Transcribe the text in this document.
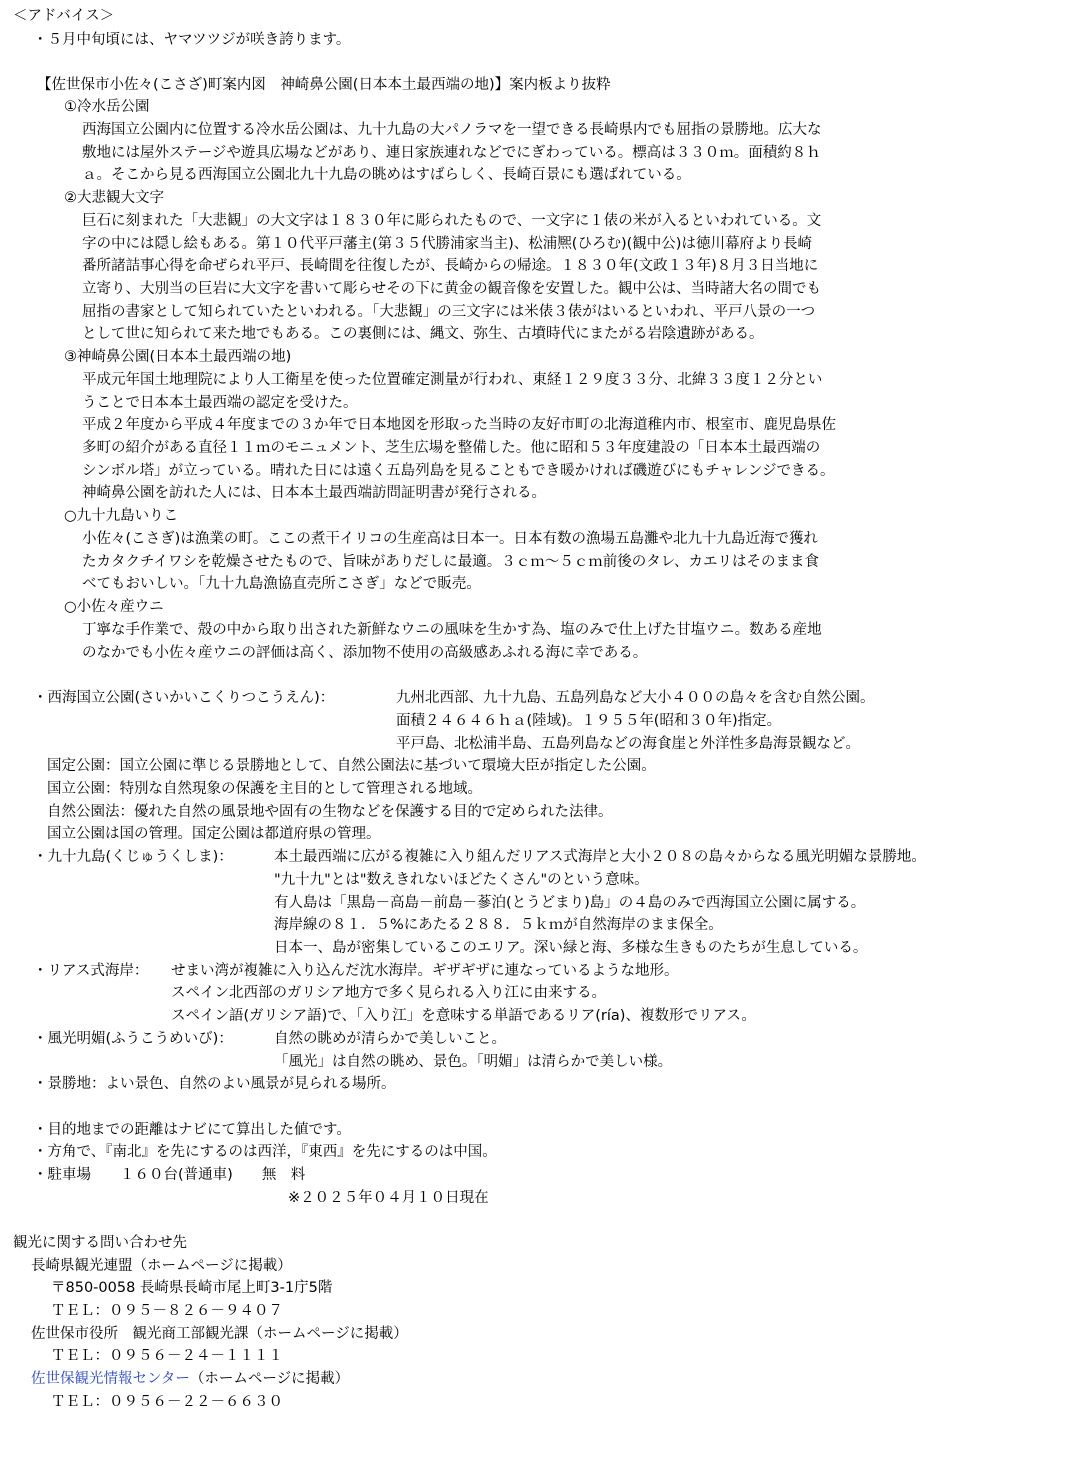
＜アドバイス＞
・５月中旬頃には、ヤマツツジが咲き誇ります。
【佐世保市小佐々(こさざ)町案内図　神崎鼻公園(日本本土最西端の地)】案内板より抜粋
①冷水岳公園
西海国立公園内に位置する冷水岳公園は、九十九島の大パノラマを一望できる長崎県内でも屈指の景勝地。広大な
敷地には屋外ステージや遊具広場などがあり、連日家族連れなどでにぎわっている。標高は３３０ｍ。面積約８ｈ
ａ。そこから見る西海国立公園北九十九島の眺めはすばらしく、長崎百景にも選ばれている。
②大悲観大文字
巨石に刻まれた「大悲観」の大文字は１８３０年に彫られたもので、一文字に１俵の米が入るといわれている。文
字の中には隠し絵もある。第１０代平戸藩主(第３５代勝浦家当主)、松浦熈(ひろむ)(観中公)は徳川幕府より長崎
番所諸詰事心得を命ぜられ平戸、長崎間を往復したが、長崎からの帰途。１８３０年(文政１３年)８月３日当地に
立寄り、大別当の巨岩に大文字を書いて彫らせその下に黄金の観音像を安置した。観中公は、当時諸大名の間でも
屈指の書家として知られていたといわれる。「大悲観」の三文字には米俵３俵がはいるといわれ、平戸八景の一つ
として世に知られて来た地でもある。この裏側には、縄文、弥生、古墳時代にまたがる岩陰遺跡がある。
③神崎鼻公園(日本本土最西端の地)
平成元年国土地理院により人工衛星を使った位置確定測量が行われ、東経１２９度３３分、北緯３３度１２分とい
うことで日本本土最西端の認定を受けた。
平成２年度から平成４年度までの３か年で日本地図を形取った当時の友好市町の北海道稚内市、根室市、鹿児島県佐
多町の紹介がある直径１１ｍのモニュメント、芝生広場を整備した。他に昭和５３年度建設の「日本本土最西端の
シンボル塔」が立っている。晴れた日には遠く五島列島を見ることもでき暖かければ磯遊びにもチャレンジできる。
神崎鼻公園を訪れた人には、日本本土最西端訪問証明書が発行される。
○九十九島いりこ
小佐々(こさぎ)は漁業の町。ここの煮干イリコの生産高は日本一。日本有数の漁場五島灘や北九十九島近海で獲れ
たカタクチイワシを乾燥させたもので、旨味がありだしに最適。３ｃｍ～５ｃｍ前後のタレ、カエリはそのまま食
べてもおいしい。「九十九島漁協直売所こさぎ」などで販売。
○小佐々産ウニ
丁寧な手作業で、殻の中から取り出された新鮮なウニの風味を生かす為、塩のみで仕上げた甘塩ウニ。数ある産地
のなかでも小佐々産ウニの評価は高く、添加物不使用の高級感あふれる海に幸である。
・西海国立公園(さいかいこくりつこうえん)：	九州北西部、九十九島、五島列島など大小４００の島々を含む自然公園。
面積２４６４６ｈａ(陸域)。１９５５年(昭和３０年)指定。
平戸島、北松浦半島、五島列島などの海食崖と外洋性多島海景観など。
国定公園：国立公園に準じる景勝地として、自然公園法に基づいて環境大臣が指定した公園。
国立公園：特別な自然現象の保護を主目的として管理される地域。
自然公園法：優れた自然の風景地や固有の生物などを保護する目的で定められた法律。
国立公園は国の管理。国定公園は都道府県の管理。
・九十九島(くじゅうくしま)：	本土最西端に広がる複雑に入り組んだリアス式海岸と大小２０８の島々からなる風光明媚な景勝地。
"九十九"とは"数えきれないほどたくさん"のという意味。
有人島は「黒島－高島－前島－蔘泊(とうどまり)島」の４島のみで西海国立公園に属する。
海岸線の８１．５%にあたる２８８．５ｋｍが自然海岸のまま保全。
日本一、島が密集しているこのエリア。深い緑と海、多様な生きものたちが生息している。
・リアス式海岸： せまい湾が複雑に入り込んだ沈水海岸。ギザギザに連なっているような地形。
スペイン北西部のガリシア地方で多く見られる入り江に由来する。
スペイン語(ガリシア語)で、「入り江」を意味する単語であるリア(ría)、複数形でリアス。
・風光明媚(ふうこうめいび)：	自然の眺めが清らかで美しいこと。
「風光」は自然の眺め、景色。「明媚」は清らかで美しい様。
・景勝地：よい景色、自然のよい風景が見られる場所。
・目的地までの距離はナビにて算出した値です。
・方角で、『南北』を先にするのは西洋，『東西』を先にするのは中国。
・駐車場　　１６０台(普通車)　　無　料
※２０２５年０４月１０日現在
観光に関する問い合わせ先
長崎県観光連盟（ホームページに掲載）
〒850-0058 長崎県長崎市尾上町3-1庁5階
ＴＥＬ：０９５－８２６－９４０７
佐世保市役所　観光商工部観光課（ホームページに掲載）
ＴＥＬ：０９５６－２４－１１１１
佐世保観光情報センター（ホームページに掲載）
ＴＥＬ：０９５６－２２－６６３０
